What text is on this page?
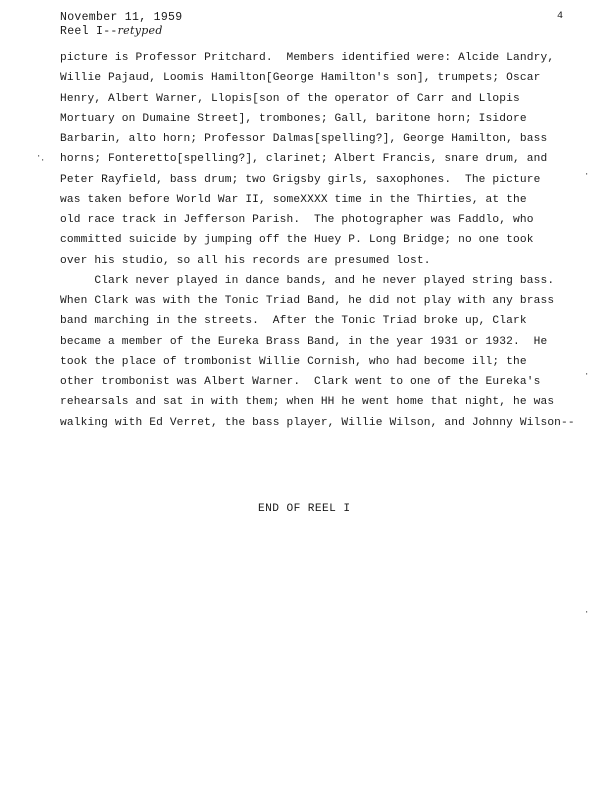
November 11, 1959
Reel I--retyped
4
picture is Professor Pritchard.  Members identified were: Alcide Landry,
Willie Pajaud, Loomis Hamilton[George Hamilton's son], trumpets; Oscar
Henry, Albert Warner, Llopis[son of the operator of Carr and Llopis
Mortuary on Dumaine Street], trombones; Gall, baritone horn; Isidore
Barbarin, alto horn; Professor Dalmas[spelling?], George Hamilton, bass
horns; Fonteretto[spelling?], clarinet; Albert Francis, snare drum, and
Peter Rayfield, bass drum; two Grigsby girls, saxophones.  The picture
was taken before World War II, someXXXX time in the Thirties, at the
old race track in Jefferson Parish.  The photographer was Faddlo, who
committed suicide by jumping off the Huey P. Long Bridge; no one took
over his studio, so all his records are presumed lost.
Clark never played in dance bands, and he never played string bass.
When Clark was with the Tonic Triad Band, he did not play with any brass
band marching in the streets.  After the Tonic Triad broke up, Clark
became a member of the Eureka Brass Band, in the year 1931 or 1932.  He
took the place of trombonist Willie Cornish, who had become ill; the
other trombonist was Albert Warner.  Clark went to one of the Eureka's
rehearsals and sat in with them; when HH he went home that night, he was
walking with Ed Verret, the bass player, Willie Wilson, and Johnny Wilson--
END OF REEL I
⋅
⋅
⋅
⋅
⋅
